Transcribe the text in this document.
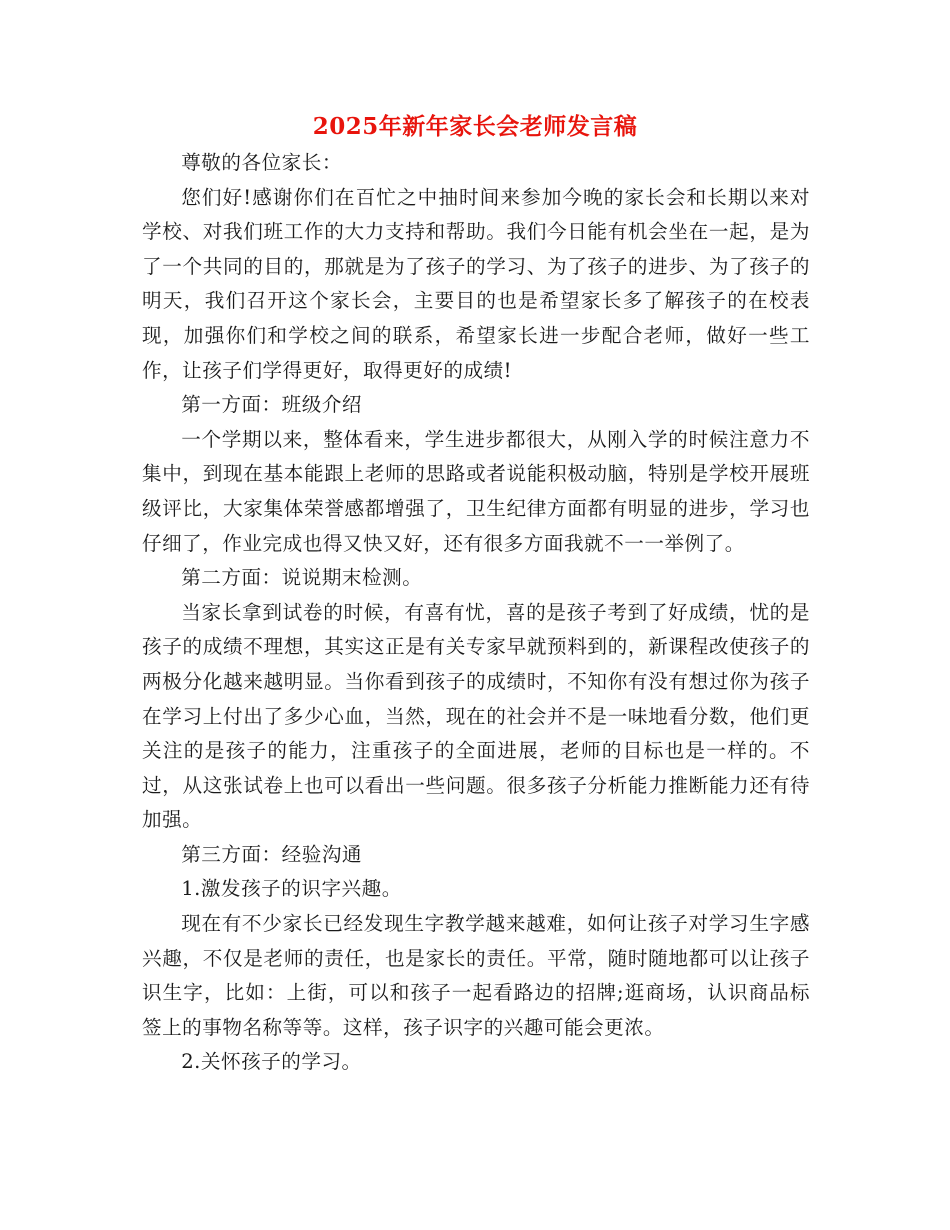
2025年新年家长会老师发言稿

尊敬的各位家长：

您们好!感谢你们在百忙之中抽时间来参加今晚的家长会和长期以来对学校、对我们班工作的大力支持和帮助。我们今日能有机会坐在一起，是为了一个共同的目的，那就是为了孩子的学习、为了孩子的进步、为了孩子的明天，我们召开这个家长会，主要目的也是希望家长多了解孩子的在校表现，加强你们和学校之间的联系，希望家长进一步配合老师，做好一些工作，让孩子们学得更好，取得更好的成绩!

第一方面：班级介绍

一个学期以来，整体看来，学生进步都很大，从刚入学的时候注意力不集中，到现在基本能跟上老师的思路或者说能积极动脑，特别是学校开展班级评比，大家集体荣誉感都增强了，卫生纪律方面都有明显的进步，学习也仔细了，作业完成也得又快又好，还有很多方面我就不一一举例了。

第二方面：说说期末检测。

当家长拿到试卷的时候，有喜有忧，喜的是孩子考到了好成绩，忧的是孩子的成绩不理想，其实这正是有关专家早就预料到的，新课程改使孩子的两极分化越来越明显。当你看到孩子的成绩时，不知你有没有想过你为孩子在学习上付出了多少心血，当然，现在的社会并不是一味地看分数，他们更关注的是孩子的能力，注重孩子的全面进展，老师的目标也是一样的。不过，从这张试卷上也可以看出一些问题。很多孩子分析能力推断能力还有待加强。

第三方面：经验沟通

1.激发孩子的识字兴趣。

现在有不少家长已经发现生字教学越来越难，如何让孩子对学习生字感兴趣，不仅是老师的责任，也是家长的责任。平常，随时随地都可以让孩子识生字，比如：上街，可以和孩子一起看路边的招牌;逛商场，认识商品标签上的事物名称等等。这样，孩子识字的兴趣可能会更浓。

2.关怀孩子的学习。
